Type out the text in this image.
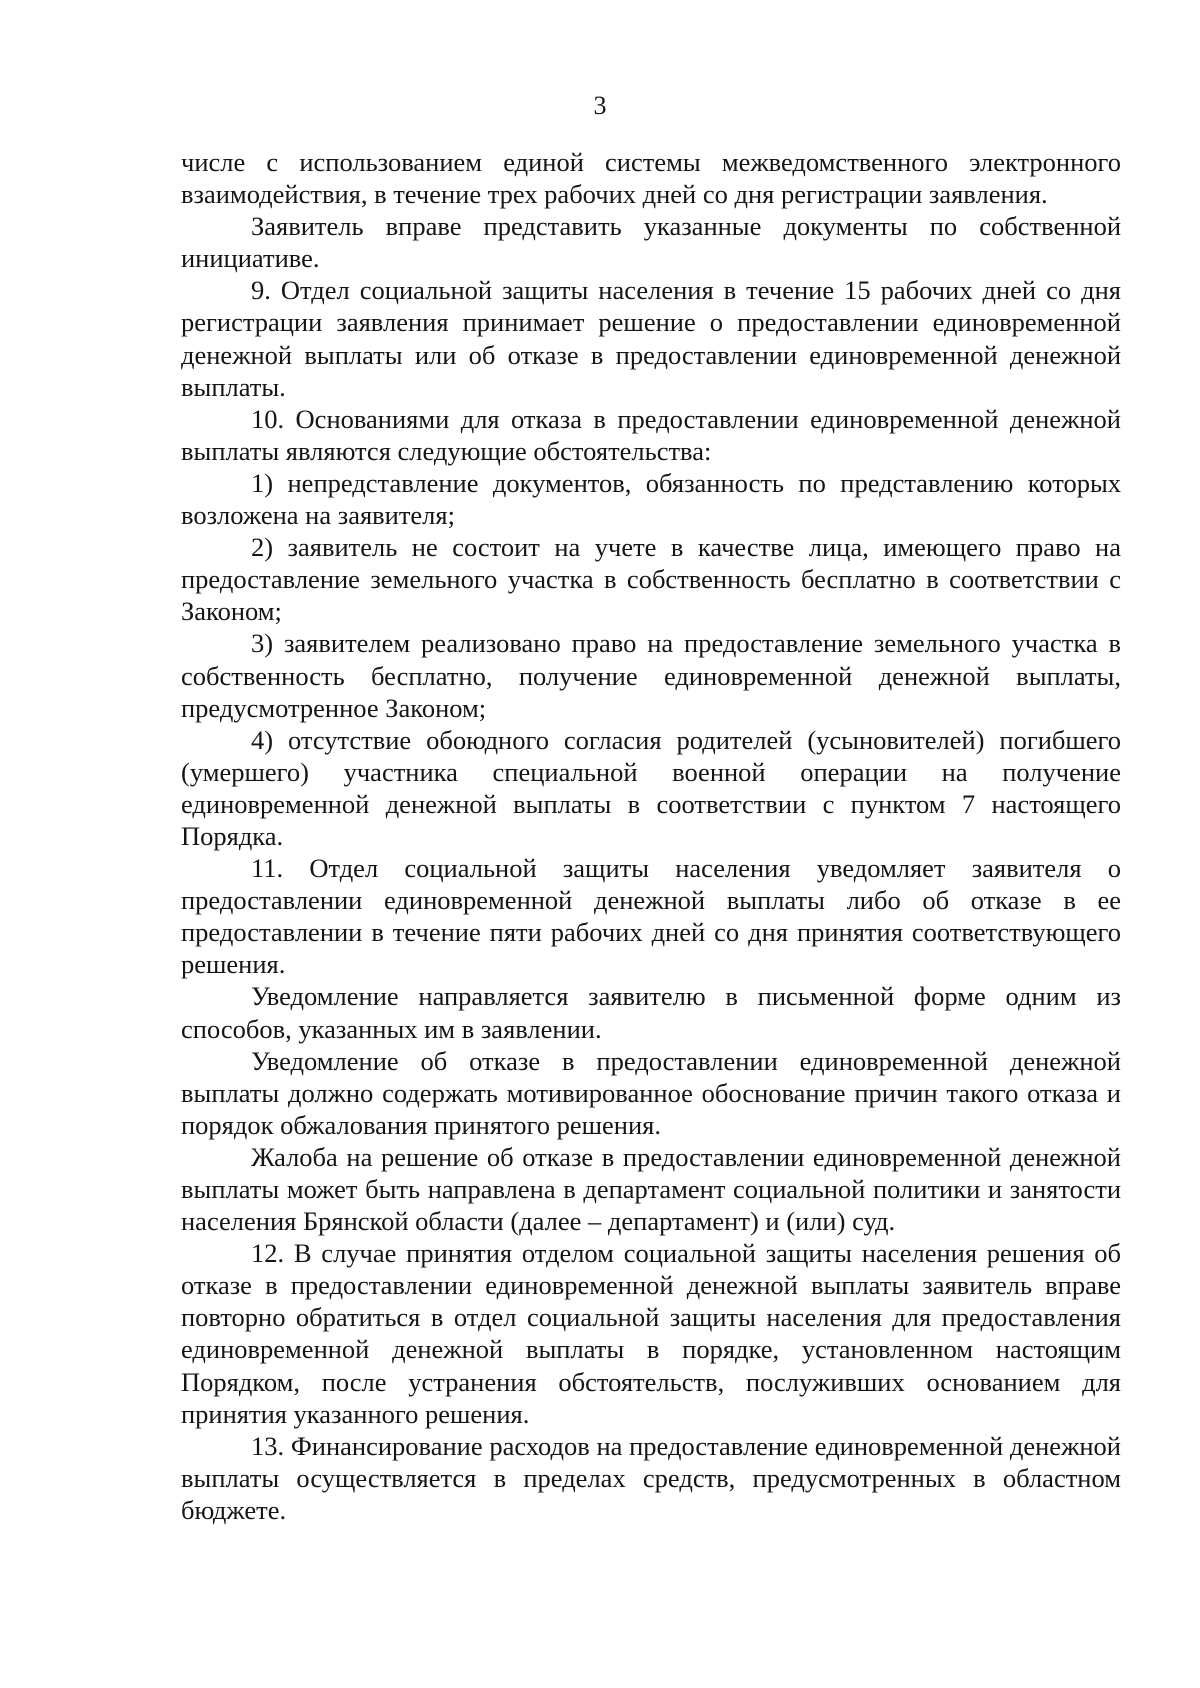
3

числе с использованием единой системы межведомственного электронного взаимодействия, в течение трех рабочих дней со дня регистрации заявления.

Заявитель вправе представить указанные документы по собственной инициативе.

9. Отдел социальной защиты населения в течение 15 рабочих дней со дня регистрации заявления принимает решение о предоставлении единовременной денежной выплаты или об отказе в предоставлении единовременной денежной выплаты.

10. Основаниями для отказа в предоставлении единовременной денежной выплаты являются следующие обстоятельства:

1) непредставление документов, обязанность по представлению которых возложена на заявителя;

2) заявитель не состоит на учете в качестве лица, имеющего право на предоставление земельного участка в собственность бесплатно в соответствии с Законом;

3) заявителем реализовано право на предоставление земельного участка в собственность бесплатно, получение единовременной денежной выплаты, предусмотренное Законом;

4) отсутствие обоюдного согласия родителей (усыновителей) погибшего (умершего) участника специальной военной операции на получение единовременной денежной выплаты в соответствии с пунктом 7 настоящего Порядка.

11. Отдел социальной защиты населения уведомляет заявителя о предоставлении единовременной денежной выплаты либо об отказе в ее предоставлении в течение пяти рабочих дней со дня принятия соответствующего решения.

Уведомление направляется заявителю в письменной форме одним из способов, указанных им в заявлении.

Уведомление об отказе в предоставлении единовременной денежной выплаты должно содержать мотивированное обоснование причин такого отказа и порядок обжалования принятого решения.

Жалоба на решение об отказе в предоставлении единовременной денежной выплаты может быть направлена в департамент социальной политики и занятости населения Брянской области (далее – департамент) и (или) суд.

12. В случае принятия отделом социальной защиты населения решения об отказе в предоставлении единовременной денежной выплаты заявитель вправе повторно обратиться в отдел социальной защиты населения для предоставления единовременной денежной выплаты в порядке, установленном настоящим Порядком, после устранения обстоятельств, послуживших основанием для принятия указанного решения.

13. Финансирование расходов на предоставление единовременной денежной выплаты осуществляется в пределах средств, предусмотренных в областном бюджете.
